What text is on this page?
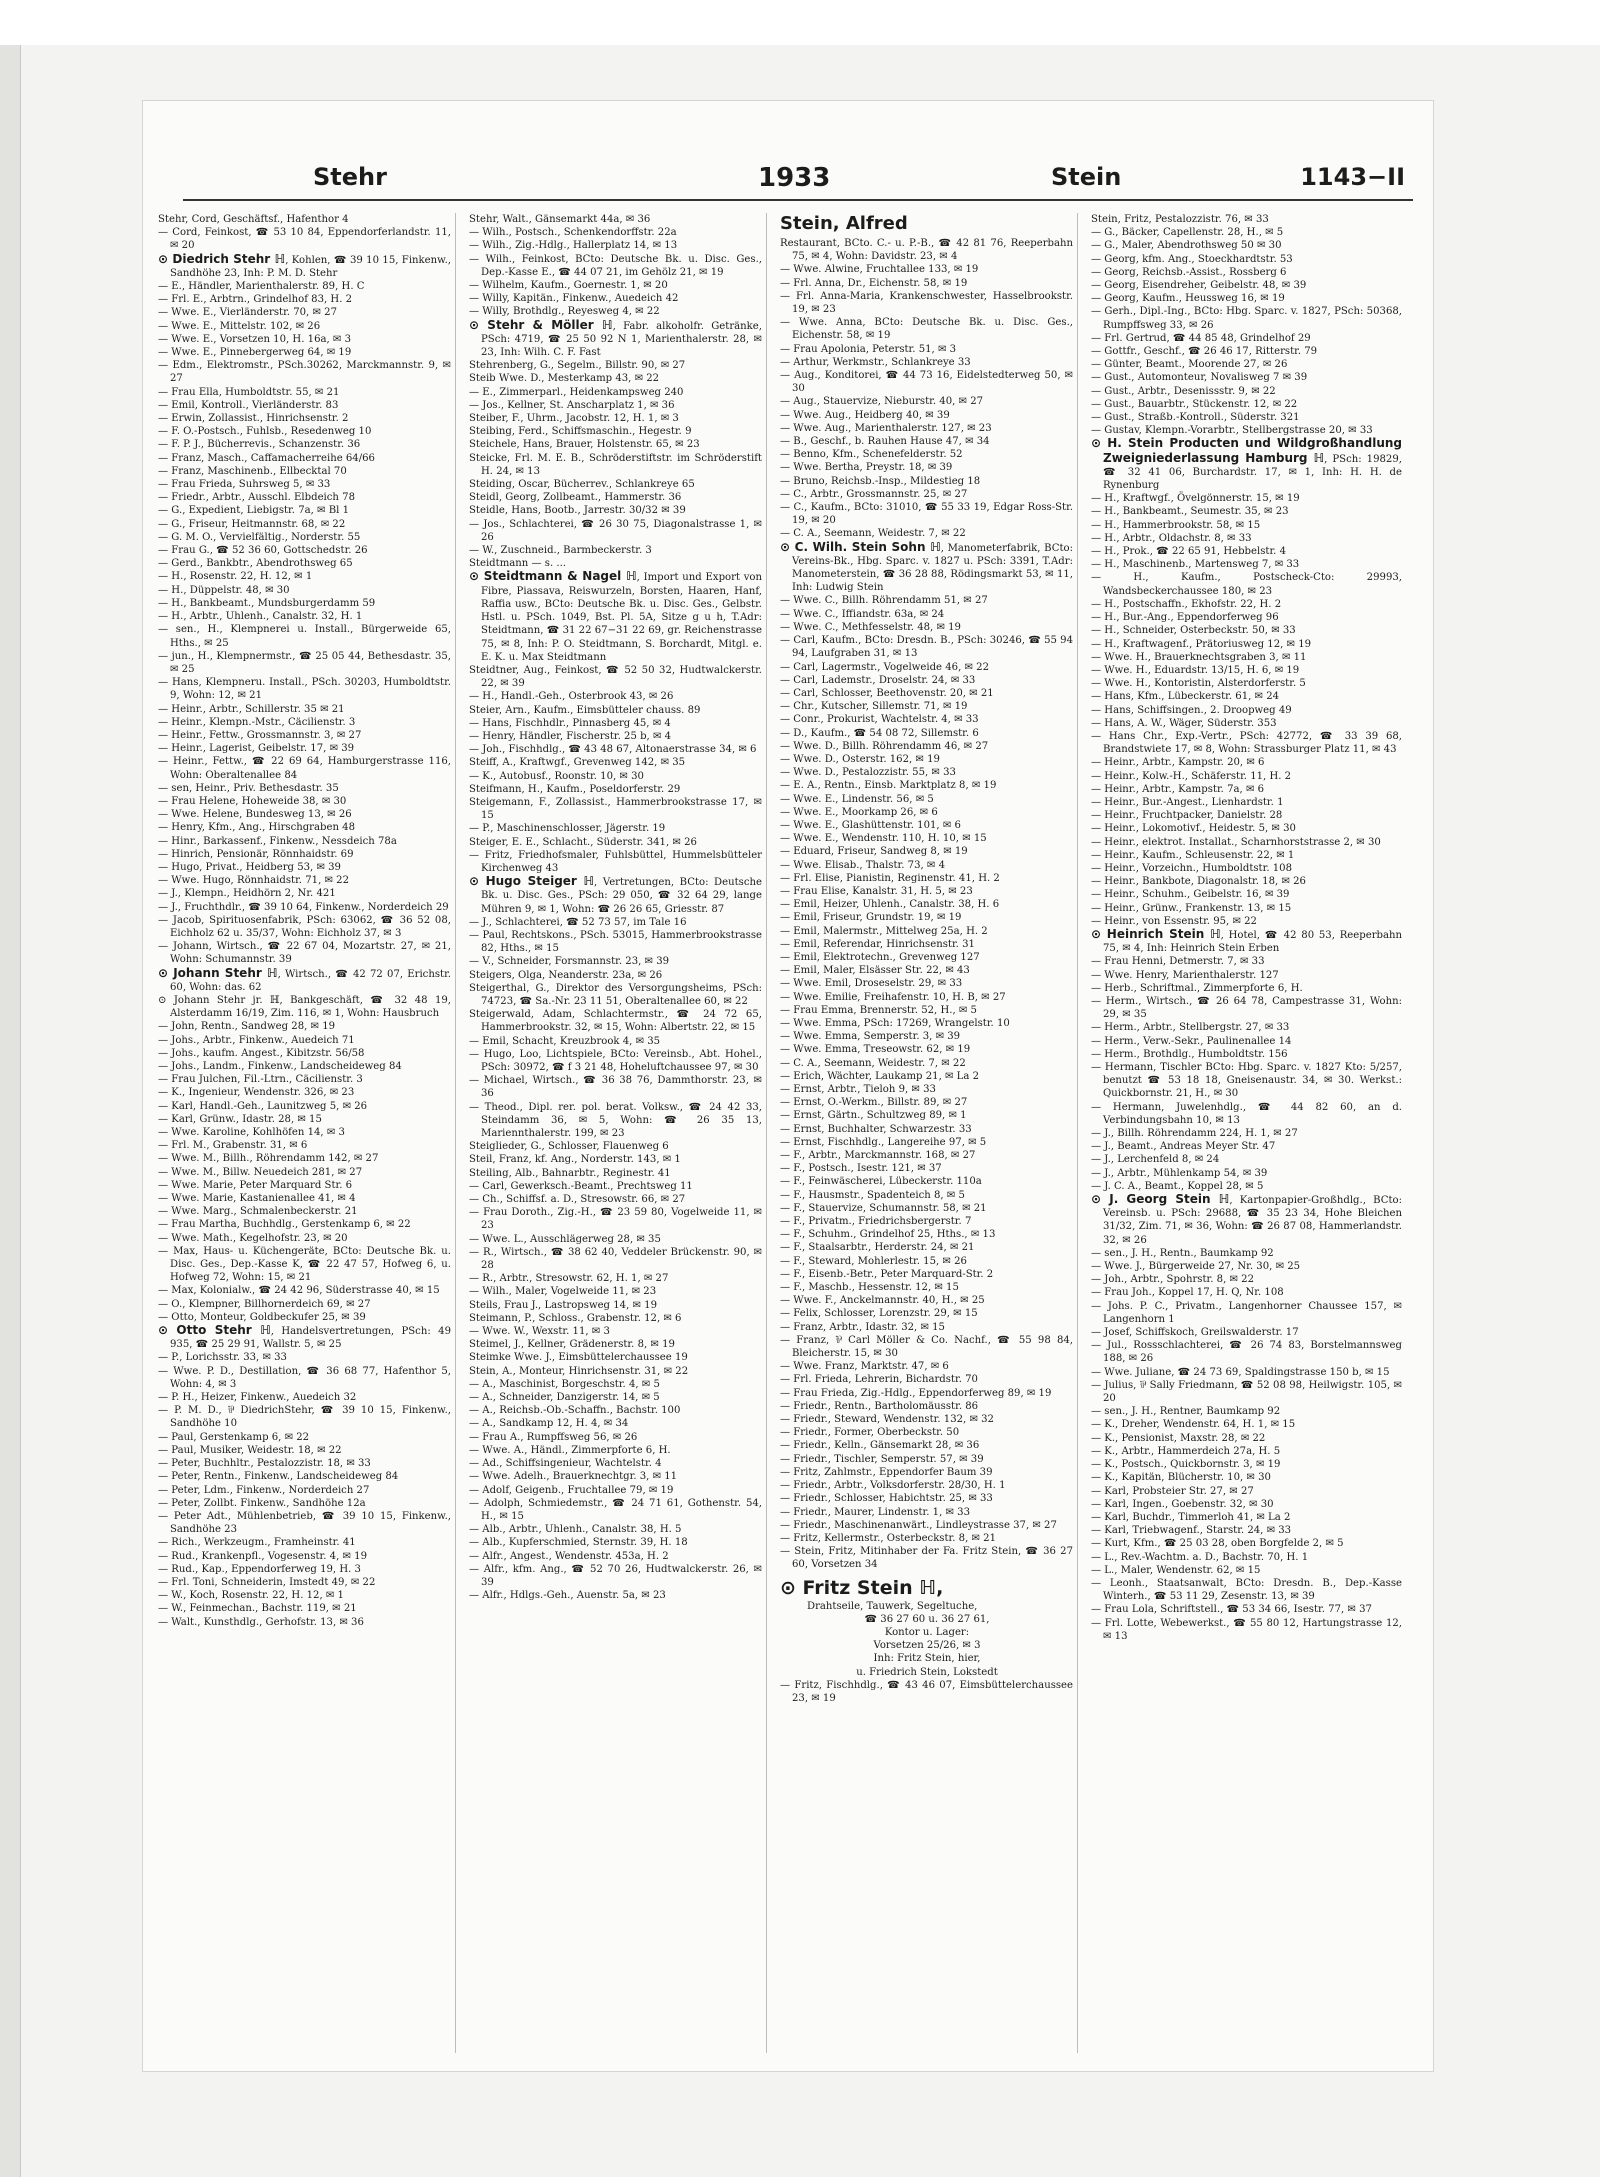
Stehr	1933	Stein	1143−II
Stehr, Cord, Geschäftsf., Hafenthor 4
— Cord, Feinkost, ☎ 53 10 84, Eppendorferlandstr. 11, ✉ 20
⊙ Diedrich Stehr ℍ, Kohlen, ☎ 39 10 15, Finkenw., Sandhöhe 23, Inh: P. M. D. Stehr
— E., Händler, Marienthalerstr. 89, H. C
— Frl. E., Arbtrn., Grindelhof 83, H. 2
— Wwe. E., Vierländerstr. 70, ✉ 27
— Wwe. E., Mittelstr. 102, ✉ 26
— Wwe. E., Vorsetzen 10, H. 16a, ✉ 3
— Wwe. E., Pinnebergerweg 64, ✉ 19
— Edm., Elektromstr., PSch.30262, Marckmannstr. 9, ✉ 27
— Frau Ella, Humboldtstr. 55, ✉ 21
— Emil, Kontroll., Vierländerstr. 83
— Erwin, Zollassist., Hinrichsenstr. 2
— F. O.-Postsch., Fuhlsb., Resedenweg 10
— F. P. J., Bücherrevis., Schanzenstr. 36
— Franz, Masch., Caffamacherreihe 64/66
— Franz, Maschinenb., Ellbecktal 70
— Frau Frieda, Suhrsweg 5, ✉ 33
— Friedr., Arbtr., Ausschl. Elbdeich 78
— G., Expedient, Liebigstr. 7a, ✉ Bl 1
— G., Friseur, Heitmannstr. 68, ✉ 22
— G. M. O., Vervielfältig., Norderstr. 55
— Frau G., ☎ 52 36 60, Gottschedstr. 26
— Gerd., Bankbtr., Abendrothsweg 65
— H., Rosenstr. 22, H. 12, ✉ 1
— H., Düppelstr. 48, ✉ 30
— H., Bankbeamt., Mundsburgerdamm 59
— H., Arbtr., Uhlenh., Canalstr. 32, H. 1
— sen., H., Klempnerei u. Install., Bürgerweide 65, Hths., ✉ 25
— jun., H., Klempnermstr., ☎ 25 05 44, Bethesdastr. 35, ✉ 25
— Hans, Klempneru. Install., PSch. 30203, Humboldtstr. 9, Wohn: 12, ✉ 21
— Heinr., Arbtr., Schillerstr. 35 ✉ 21
— Heinr., Klempn.-Mstr., Cäcilienstr. 3
— Heinr., Fettw., Grossmannstr. 3, ✉ 27
— Heinr., Lagerist, Geibelstr. 17, ✉ 39
— Heinr., Fettw., ☎ 22 69 64, Hamburgerstrasse 116, Wohn: Oberaltenallee 84
— sen, Heinr., Priv. Bethesdastr. 35
— Frau Helene, Hoheweide 38, ✉ 30
— Wwe. Helene, Bundesweg 13, ✉ 26
— Henry, Kfm., Ang., Hirschgraben 48
— Hinr., Barkassenf., Finkenw., Nessdeich 78a
— Hinrich, Pensionär, Rönnhaidstr. 69
— Hugo, Privat., Heidberg 53, ✉ 39
— Wwe. Hugo, Rönnhaidstr. 71, ✉ 22
— J., Klempn., Heidhörn 2, Nr. 421
— J., Fruchthdlr., ☎ 39 10 64, Finkenw., Norderdeich 29
— Jacob, Spirituosenfabrik, PSch: 63062, ☎ 36 52 08, Eichholz 62 u. 35/37, Wohn: Eichholz 37, ✉ 3
— Johann, Wirtsch., ☎ 22 67 04, Mozartstr. 27, ✉ 21, Wohn: Schumannstr. 39
⊙ Johann Stehr ℍ, Wirtsch., ☎ 42 72 07, Erichstr. 60, Wohn: das. 62
⊙ Johann Stehr jr. ℍ, Bankgeschäft, ☎ 32 48 19, Alsterdamm 16/19, Zim. 116, ✉ 1, Wohn: Hausbruch
— John, Rentn., Sandweg 28, ✉ 19
— Johs., Arbtr., Finkenw., Auedeich 71
— Johs., kaufm. Angest., Kibitzstr. 56/58
— Johs., Landm., Finkenw., Landscheideweg 84
— Frau Julchen, Fil.-Ltrn., Cäcilienstr. 3
— K., Ingenieur, Wendenstr. 326, ✉ 23
— Karl, Handl.-Geh., Launitzweg 5, ✉ 26
— Karl, Grünw., Idastr. 28, ✉ 15
— Wwe. Karoline, Kohlhöfen 14, ✉ 3
— Frl. M., Grabenstr. 31, ✉ 6
— Wwe. M., Billh., Röhrendamm 142, ✉ 27
— Wwe. M., Billw. Neuedeich 281, ✉ 27
— Wwe. Marie, Peter Marquard Str. 6
— Wwe. Marie, Kastanienallee 41, ✉ 4
— Wwe. Marg., Schmalenbeckerstr. 21
— Frau Martha, Buchhdlg., Gerstenkamp 6, ✉ 22
— Wwe. Math., Kegelhofstr. 23, ✉ 20
— Max, Haus- u. Küchengeräte, BCto: Deutsche Bk. u. Disc. Ges., Dep.-Kasse K, ☎ 22 47 57, Hofweg 6, u. Hofweg 72, Wohn: 15, ✉ 21
— Max, Kolonialw., ☎ 24 42 96, Süderstrasse 40, ✉ 15
— O., Klempner, Billhornerdeich 69, ✉ 27
— Otto, Monteur, Goldbeckufer 25, ✉ 39
⊙ Otto Stehr ℍ, Handelsvertretungen, PSch: 49 935, ☎ 25 29 91, Wallstr. 5, ✉ 25
— P., Lorichsstr. 33, ✉ 33
— Wwe. P. D., Destillation, ☎ 36 68 77, Hafenthor 5, Wohn: 4, ✉ 3
— P. H., Heizer, Finkenw., Auedeich 32
— P. M. D., ⅌ DiedrichStehr, ☎ 39 10 15, Finkenw., Sandhöhe 10
— Paul, Gerstenkamp 6, ✉ 22
— Paul, Musiker, Weidestr. 18, ✉ 22
— Peter, Buchhltr., Pestalozzistr. 18, ✉ 33
— Peter, Rentn., Finkenw., Landscheideweg 84
— Peter, Ldm., Finkenw., Norderdeich 27
— Peter, Zollbt. Finkenw., Sandhöhe 12a
— Peter Adt., Mühlenbetrieb, ☎ 39 10 15, Finkenw., Sandhöhe 23
— Rich., Werkzeugm., Framheinstr. 41
— Rud., Krankenpfl., Vogesenstr. 4, ✉ 19
— Rud., Kap., Eppendorferweg 19, H. 3
— Frl. Toni, Schneiderin, Imstedt 49, ✉ 22
— W., Koch, Rosenstr. 22, H. 12, ✉ 1
— W., Feinmechan., Bachstr. 119, ✉ 21
— Walt., Kunsthdlg., Gerhofstr. 13, ✉ 36
Stehr, Walt., Gänsemarkt 44a, ✉ 36
— Wilh., Postsch., Schenkendorffstr. 22a
— Wilh., Zig.-Hdlg., Hallerplatz 14, ✉ 13
— Wilh., Feinkost, BCto: Deutsche Bk. u. Disc. Ges., Dep.-Kasse E., ☎ 44 07 21, im Gehölz 21, ✉ 19
— Wilhelm, Kaufm., Goernestr. 1, ✉ 20
— Willy, Kapitän., Finkenw., Auedeich 42
— Willy, Brothdlg., Reyesweg 4, ✉ 22
⊙ Stehr & Möller ℍ, Fabr. alkoholfr. Getränke, PSch: 4719, ☎ 25 50 92 N 1, Marienthalerstr. 28, ✉ 23, Inh: Wilh. C. F. Fast
Stehrenberg, G., Segelm., Billstr. 90, ✉ 27
Steib Wwe. D., Mesterkamp 43, ✉ 22
— E., Zimmerparl., Heidenkampsweg 240
— Jos., Kellner, St. Anscharplatz 1, ✉ 36
Steiber, F., Uhrm., Jacobstr. 12, H. 1, ✉ 3
Steibing, Ferd., Schiffsmaschin., Hegestr. 9
Steichele, Hans, Brauer, Holstenstr. 65, ✉ 23
Steicke, Frl. M. E. B., Schröderstiftstr. im Schröderstift H. 24, ✉ 13
Steiding, Oscar, Bücherrev., Schlankreye 65
Steidl, Georg, Zollbeamt., Hammerstr. 36
Steidle, Hans, Bootb., Jarrestr. 30/32 ✉ 39
— Jos., Schlachterei, ☎ 26 30 75, Diagonalstrasse 1, ✉ 26
— W., Zuschneid., Barmbeckerstr. 3
Steidtmann — s. ...
⊙ Steidtmann & Nagel ℍ, Import und Export von Fibre, Piassava, Reiswurzeln, Borsten, Haaren, Hanf, Raffia usw., BCto: Deutsche Bk. u. Disc. Ges., Gelbstr. Hstl. u. PSch. 1049, Bst. Pl. 5A, Sitze g u h, T.Adr: Steidtmann, ☎ 31 22 67−31 22 69, gr. Reichenstrasse 75, ✉ 8, Inh: P. O. Steidtmann, S. Borchardt, Mitgl. e. E. K. u. Max Steidtmann
Steidtner, Aug., Feinkost, ☎ 52 50 32, Hudtwalckerstr. 22, ✉ 39
— H., Handl.-Geh., Osterbrook 43, ✉ 26
Steier, Arn., Kaufm., Eimsbütteler chauss. 89
— Hans, Fischhdlr., Pinnasberg 45, ✉ 4
— Henry, Händler, Fischerstr. 25 b, ✉ 4
— Joh., Fischhdlg., ☎ 43 48 67, Altonaerstrasse 34, ✉ 6
Steiff, A., Kraftwgf., Grevenweg 142, ✉ 35
— K., Autobusf., Roonstr. 10, ✉ 30
Steifmann, H., Kaufm., Poseldorferstr. 29
Steigemann, F., Zollassist., Hammerbrookstrasse 17, ✉ 15
— P., Maschinenschlosser, Jägerstr. 19
Steiger, E. E., Schlacht., Süderstr. 341, ✉ 26
— Fritz, Friedhofsmaler, Fuhlsbüttel, Hummelsbütteler Kirchenweg 43
⊙ Hugo Steiger ℍ, Vertretungen, BCto: Deutsche Bk. u. Disc. Ges., PSch: 29 050, ☎ 32 64 29, lange Mühren 9, ✉ 1, Wohn: ☎ 26 26 65, Griesstr. 87
— J., Schlachterei, ☎ 52 73 57, im Tale 16
— Paul, Rechtskons., PSch. 53015, Hammerbrookstrasse 82, Hths., ✉ 15
— V., Schneider, Forsmannstr. 23, ✉ 39
Steigers, Olga, Neanderstr. 23a, ✉ 26
Steigerthal, G., Direktor des Versorgungsheims, PSch: 74723, ☎ Sa.-Nr. 23 11 51, Oberaltenallee 60, ✉ 22
Steigerwald, Adam, Schlachtermstr., ☎ 24 72 65, Hammerbrookstr. 32, ✉ 15, Wohn: Albertstr. 22, ✉ 15
— Emil, Schacht, Kreuzbrook 4, ✉ 35
— Hugo, Loo, Lichtspiele, BCto: Vereinsb., Abt. Hohel., PSch: 30972, ☎ f 3 21 48, Hoheluftchaussee 97, ✉ 30
— Michael, Wirtsch., ☎ 36 38 76, Dammthorstr. 23, ✉ 36
— Theod., Dipl. rer. pol. berat. Volksw., ☎ 24 42 33, Steindamm 36, ✉ 5, Wohn: ☎ 26 35 13, Mariennthalerstr. 199, ✉ 23
Steiglieder, G., Schlosser, Flauenweg 6
Steil, Franz, kf. Ang., Norderstr. 143, ✉ 1
Steiling, Alb., Bahnarbtr., Reginestr. 41
— Carl, Gewerksch.-Beamt., Prechtsweg 11
— Ch., Schiffsf. a. D., Stresowstr. 66, ✉ 27
— Frau Doroth., Zig.-H., ☎ 23 59 80, Vogelweide 11, ✉ 23
— Wwe. L., Ausschlägerweg 28, ✉ 35
— R., Wirtsch., ☎ 38 62 40, Veddeler Brückenstr. 90, ✉ 28
— R., Arbtr., Stresowstr. 62, H. 1, ✉ 27
— Wilh., Maler, Vogelweide 11, ✉ 23
Steils, Frau J., Lastropsweg 14, ✉ 19
Steimann, P., Schloss., Grabenstr. 12, ✉ 6
— Wwe. W., Wexstr. 11, ✉ 3
Steimel, J., Kellner, Grädenerstr. 8, ✉ 19
Steimke Wwe. J., Eimsbüttelerchaussee 19
Stein, A., Monteur, Hinrichsenstr. 31, ✉ 22
— A., Maschinist, Borgeschstr. 4, ✉ 5
— A., Schneider, Danzigerstr. 14, ✉ 5
— A., Reichsb.-Ob.-Schaffn., Bachstr. 100
— A., Sandkamp 12, H. 4, ✉ 34
— Frau A., Rumpffsweg 56, ✉ 26
— Wwe. A., Händl., Zimmerpforte 6, H.
— Ad., Schiffsingenieur, Wachtelstr. 4
— Wwe. Adelh., Brauerknechtgr. 3, ✉ 11
— Adolf, Geigenb., Fruchtallee 79, ✉ 19
— Adolph, Schmiedemstr., ☎ 24 71 61, Gothenstr. 54, H., ✉ 15
— Alb., Arbtr., Uhlenh., Canalstr. 38, H. 5
— Alb., Kupferschmied, Sternstr. 39, H. 18
— Alfr., Angest., Wendenstr. 453a, H. 2
— Alfr., kfm. Ang., ☎ 52 70 26, Hudtwalckerstr. 26, ✉ 39
— Alfr., Hdlgs.-Geh., Auenstr. 5a, ✉ 23
Stein, Alfred
Restaurant, BCto. C.- u. P.-B., ☎ 42 81 76, Reeperbahn 75, ✉ 4, Wohn: Davidstr. 23, ✉ 4
— Wwe. Alwine, Fruchtallee 133, ✉ 19
— Frl. Anna, Dr., Eichenstr. 58, ✉ 19
— Frl. Anna-Maria, Krankenschwester, Hasselbrookstr. 19, ✉ 23
— Wwe. Anna, BCto: Deutsche Bk. u. Disc. Ges., Eichenstr. 58, ✉ 19
— Frau Apolonia, Peterstr. 51, ✉ 3
— Arthur, Werkmstr., Schlankreye 33
— Aug., Konditorei, ☎ 44 73 16, Eidelstedterweg 50, ✉ 30
— Aug., Stauervize, Nieburstr. 40, ✉ 27
— Wwe. Aug., Heidberg 40, ✉ 39
— Wwe. Aug., Marienthalerstr. 127, ✉ 23
— B., Geschf., b. Rauhen Hause 47, ✉ 34
— Benno, Kfm., Schenefelderstr. 52
— Wwe. Bertha, Preystr. 18, ✉ 39
— Bruno, Reichsb.-Insp., Mildestieg 18
— C., Arbtr., Grossmannstr. 25, ✉ 27
— C., Kaufm., BCto: 31010, ☎ 55 33 19, Edgar Ross-Str. 19, ✉ 20
— C. A., Seemann, Weidestr. 7, ✉ 22
⊙ C. Wilh. Stein Sohn ℍ, Manometerfabrik, BCto: Vereins-Bk., Hbg. Sparc. v. 1827 u. PSch: 3391, T.Adr: Manometerstein, ☎ 36 28 88, Rödingsmarkt 53, ✉ 11, Inh: Ludwig Stein
— Wwe. C., Billh. Röhrendamm 51, ✉ 27
— Wwe. C., Iffiandstr. 63a, ✉ 24
— Wwe. C., Methfesselstr. 48, ✉ 19
— Carl, Kaufm., BCto: Dresdn. B., PSch: 30246, ☎ 55 94 94, Laufgraben 31, ✉ 13
— Carl, Lagermstr., Vogelweide 46, ✉ 22
— Carl, Lademstr., Droselstr. 24, ✉ 33
— Carl, Schlosser, Beethovenstr. 20, ✉ 21
— Chr., Kutscher, Sillemstr. 71, ✉ 19
— Conr., Prokurist, Wachtelstr. 4, ✉ 33
— D., Kaufm., ☎ 54 08 72, Sillemstr. 6
— Wwe. D., Billh. Röhrendamm 46, ✉ 27
— Wwe. D., Osterstr. 162, ✉ 19
— Wwe. D., Pestalozzistr. 55, ✉ 33
— E. A., Rentn., Einsb. Marktplatz 8, ✉ 19
— Wwe. E., Lindenstr. 56, ✉ 5
— Wwe. E., Moorkamp 26, ✉ 6
— Wwe. E., Glashüttenstr. 101, ✉ 6
— Wwe. E., Wendenstr. 110, H. 10, ✉ 15
— Eduard, Friseur, Sandweg 8, ✉ 19
— Wwe. Elisab., Thalstr. 73, ✉ 4
— Frl. Elise, Pianistin, Reginenstr. 41, H. 2
— Frau Elise, Kanalstr. 31, H. 5, ✉ 23
— Emil, Heizer, Uhlenh., Canalstr. 38, H. 6
— Emil, Friseur, Grundstr. 19, ✉ 19
— Emil, Malermstr., Mittelweg 25a, H. 2
— Emil, Referendar, Hinrichsenstr. 31
— Emil, Elektrotechn., Grevenweg 127
— Emil, Maler, Elsässer Str. 22, ✉ 43
— Wwe. Emil, Droseselstr. 29, ✉ 33
— Wwe. Emilie, Freihafenstr. 10, H. B, ✉ 27
— Frau Emma, Brennerstr. 52, H., ✉ 5
— Wwe. Emma, PSch: 17269, Wrangelstr. 10
— Wwe. Emma, Semperstr. 3, ✉ 39
— Wwe. Emma, Treseowstr. 62, ✉ 19
— C. A., Seemann, Weidestr. 7, ✉ 22
— Erich, Wächter, Laukamp 21, ✉ La 2
— Ernst, Arbtr., Tieloh 9, ✉ 33
— Ernst, O.-Werkm., Billstr. 89, ✉ 27
— Ernst, Gärtn., Schultzweg 89, ✉ 1
— Ernst, Buchhalter, Schwarzestr. 33
— Ernst, Fischhdlg., Langereihe 97, ✉ 5
— F., Arbtr., Marckmannstr. 168, ✉ 27
— F., Postsch., Isestr. 121, ✉ 37
— F., Feinwäscherei, Lübeckerstr. 110a
— F., Hausmstr., Spadenteich 8, ✉ 5
— F., Stauervize, Schumannstr. 58, ✉ 21
— F., Privatm., Friedrichsbergerstr. 7
— F., Schuhm., Grindelhof 25, Hths., ✉ 13
— F., Staalsarbtr., Herderstr. 24, ✉ 21
— F., Steward, Mohlerlestr. 15, ✉ 26
— F., Eisenb.-Betr., Peter Marquard-Str. 2
— F., Maschb., Hessenstr. 12, ✉ 15
— Wwe. F., Anckelmannstr. 40, H., ✉ 25
— Felix, Schlosser, Lorenzstr. 29, ✉ 15
— Franz, Arbtr., Idastr. 32, ✉ 15
— Franz, ⅌ Carl Möller & Co. Nachf., ☎ 55 98 84, Bleicherstr. 15, ✉ 30
— Wwe. Franz, Marktstr. 47, ✉ 6
— Frl. Frieda, Lehrerin, Bichardstr. 70
— Frau Frieda, Zig.-Hdlg., Eppendorferweg 89, ✉ 19
— Friedr., Rentn., Bartholomäusstr. 86
— Friedr., Steward, Wendenstr. 132, ✉ 32
— Friedr., Former, Oberbeckstr. 50
— Friedr., Kelln., Gänsemarkt 28, ✉ 36
— Friedr., Tischler, Semperstr. 57, ✉ 39
— Fritz, Zahlmstr., Eppendorfer Baum 39
— Friedr., Arbtr., Volksdorferstr. 28/30, H. 1
— Friedr., Schlosser, Habichtstr. 25, ✉ 33
— Friedr., Maurer, Lindenstr. 1, ✉ 33
— Friedr., Maschinenanwärt., Lindleystrasse 37, ✉ 27
— Fritz, Kellermstr., Osterbeckstr. 8, ✉ 21
— Stein, Fritz, Mitinhaber der Fa. Fritz Stein, ☎ 36 27 60, Vorsetzen 34
⊙ Fritz Stein ℍ,
Drahtseile, Tauwerk, Segeltuche,
☎ 36 27 60 u. 36 27 61,
Kontor u. Lager:
Vorsetzen 25/26, ✉ 3
Inh: Fritz Stein, hier,
u. Friedrich Stein, Lokstedt
— Fritz, Fischhdlg., ☎ 43 46 07, Eimsbüttelerchaussee 23, ✉ 19
Stein, Fritz, Pestalozzistr. 76, ✉ 33
— G., Bäcker, Capellenstr. 28, H., ✉ 5
— G., Maler, Abendrothsweg 50 ✉ 30
— Georg, kfm. Ang., Stoeckhardtstr. 53
— Georg, Reichsb.-Assist., Rossberg 6
— Georg, Eisendreher, Geibelstr. 48, ✉ 39
— Georg, Kaufm., Heussweg 16, ✉ 19
— Gerh., Dipl.-Ing., BCto: Hbg. Sparc. v. 1827, PSch: 50368, Rumpffsweg 33, ✉ 26
— Frl. Gertrud, ☎ 44 85 48, Grindelhof 29
— Gottfr., Geschf., ☎ 26 46 17, Ritterstr. 79
— Günter, Beamt., Moorende 27, ✉ 26
— Gust., Automonteur, Novalisweg 7 ✉ 39
— Gust., Arbtr., Desenissstr. 9, ✉ 22
— Gust., Bauarbtr., Stückenstr. 12, ✉ 22
— Gust., Straßb.-Kontroll., Süderstr. 321
— Gustav, Klempn.-Vorarbtr., Stellbergstrasse 20, ✉ 33
⊙ H. Stein Producten und Wildgroßhandlung Zweigniederlassung Hamburg ℍ, PSch: 19829, ☎ 32 41 06, Burchardstr. 17, ✉ 1, Inh: H. H. de Rynenburg
— H., Kraftwgf., Övelgönnerstr. 15, ✉ 19
— H., Bankbeamt., Seumestr. 35, ✉ 23
— H., Hammerbrookstr. 58, ✉ 15
— H., Arbtr., Oldachstr. 8, ✉ 33
— H., Prok., ☎ 22 65 91, Hebbelstr. 4
— H., Maschinenb., Martensweg 7, ✉ 33
— H., Kaufm., Postscheck-Cto: 29993, Wandsbeckerchaussee 180, ✉ 23
— H., Postschaffn., Ekhofstr. 22, H. 2
— H., Bur.-Ang., Eppendorferweg 96
— H., Schneider, Osterbeckstr. 50, ✉ 33
— H., Kraftwagenf., Prätoriusweg 12, ✉ 19
— Wwe. H., Brauerknechtsgraben 3, ✉ 11
— Wwe. H., Eduardstr. 13/15, H. 6, ✉ 19
— Wwe. H., Kontoristin, Alsterdorferstr. 5
— Hans, Kfm., Lübeckerstr. 61, ✉ 24
— Hans, Schiffsingen., 2. Droopweg 49
— Hans, A. W., Wäger, Süderstr. 353
— Hans Chr., Exp.-Vertr., PSch: 42772, ☎ 33 39 68, Brandstwiete 17, ✉ 8, Wohn: Strassburger Platz 11, ✉ 43
— Heinr., Arbtr., Kampstr. 20, ✉ 6
— Heinr., Kolw.-H., Schäferstr. 11, H. 2
— Heinr., Arbtr., Kampstr. 7a, ✉ 6
— Heinr., Bur.-Angest., Lienhardstr. 1
— Heinr., Fruchtpacker, Danielstr. 28
— Heinr., Lokomotivf., Heidestr. 5, ✉ 30
— Heinr., elektrot. Installat., Scharnhorststrasse 2, ✉ 30
— Heinr., Kaufm., Schleusenstr. 22, ✉ 1
— Heinr., Vorzeichn., Humboldtstr. 108
— Heinr., Bankbote, Diagonalstr. 18, ✉ 26
— Heinr., Schuhm., Geibelstr. 16, ✉ 39
— Heinr., Grünw., Frankenstr. 13, ✉ 15
— Heinr., von Essenstr. 95, ✉ 22
⊙ Heinrich Stein ℍ, Hotel, ☎ 42 80 53, Reeperbahn 75, ✉ 4, Inh: Heinrich Stein Erben
— Frau Henni, Detmerstr. 7, ✉ 33
— Wwe. Henry, Marienthalerstr. 127
— Herb., Schriftmal., Zimmerpforte 6, H.
— Herm., Wirtsch., ☎ 26 64 78, Campestrasse 31, Wohn: 29, ✉ 35
— Herm., Arbtr., Stellbergstr. 27, ✉ 33
— Herm., Verw.-Sekr., Paulinenallee 14
— Herm., Brothdlg., Humboldtstr. 156
— Hermann, Tischler BCto: Hbg. Sparc. v. 1827 Kto: 5/257, benutzt ☎ 53 18 18, Gneisenaustr. 34, ✉ 30. Werkst.: Quickbornstr. 21, H., ✉ 30
— Hermann, Juwelenhdlg., ☎ 44 82 60, an d. Verbindungsbahn 10, ✉ 13
— J., Billh. Röhrendamm 224, H. 1, ✉ 27
— J., Beamt., Andreas Meyer Str. 47
— J., Lerchenfeld 8, ✉ 24
— J., Arbtr., Mühlenkamp 54, ✉ 39
— J. C. A., Beamt., Koppel 28, ✉ 5
⊙ J. Georg Stein ℍ, Kartonpapier-Großhdlg., BCto: Vereinsb. u. PSch: 29688, ☎ 35 23 34, Hohe Bleichen 31/32, Zim. 71, ✉ 36, Wohn: ☎ 26 87 08, Hammerlandstr. 32, ✉ 26
— sen., J. H., Rentn., Baumkamp 92
— Wwe. J., Bürgerweide 27, Nr. 30, ✉ 25
— Joh., Arbtr., Spohrstr. 8, ✉ 22
— Frau Joh., Koppel 17, H. Q, Nr. 108
— Johs. P. C., Privatm., Langenhorner Chaussee 157, ✉ Langenhorn 1
— Josef, Schiffskoch, Greilswalderstr. 17
— Jul., Rossschlachterei, ☎ 26 74 83, Borstelmannsweg 188, ✉ 26
— Wwe. Juliane, ☎ 24 73 69, Spaldingstrasse 150 b, ✉ 15
— Julius, ⅌ Sally Friedmann, ☎ 52 08 98, Heilwigstr. 105, ✉ 20
— sen., J. H., Rentner, Baumkamp 92
— K., Dreher, Wendenstr. 64, H. 1, ✉ 15
— K., Pensionist, Maxstr. 28, ✉ 22
— K., Arbtr., Hammerdeich 27a, H. 5
— K., Postsch., Quickbornstr. 3, ✉ 19
— K., Kapitän, Blücherstr. 10, ✉ 30
— Karl, Probsteier Str. 27, ✉ 27
— Karl, Ingen., Goebenstr. 32, ✉ 30
— Karl, Buchdr., Timmerloh 41, ✉ La 2
— Karl, Triebwagenf., Starstr. 24, ✉ 33
— Kurt, Kfm., ☎ 25 03 28, oben Borgfelde 2, ✉ 5
— L., Rev.-Wachtm. a. D., Bachstr. 70, H. 1
— L., Maler, Wendenstr. 62, ✉ 15
— Leonh., Staatsanwalt, BCto: Dresdn. B., Dep.-Kasse Winterh., ☎ 53 11 29, Zesenstr. 13, ✉ 39
— Frau Lola, Schriftstell., ☎ 53 34 66, Isestr. 77, ✉ 37
— Frl. Lotte, Webewerkst., ☎ 55 80 12, Hartungstrasse 12, ✉ 13
